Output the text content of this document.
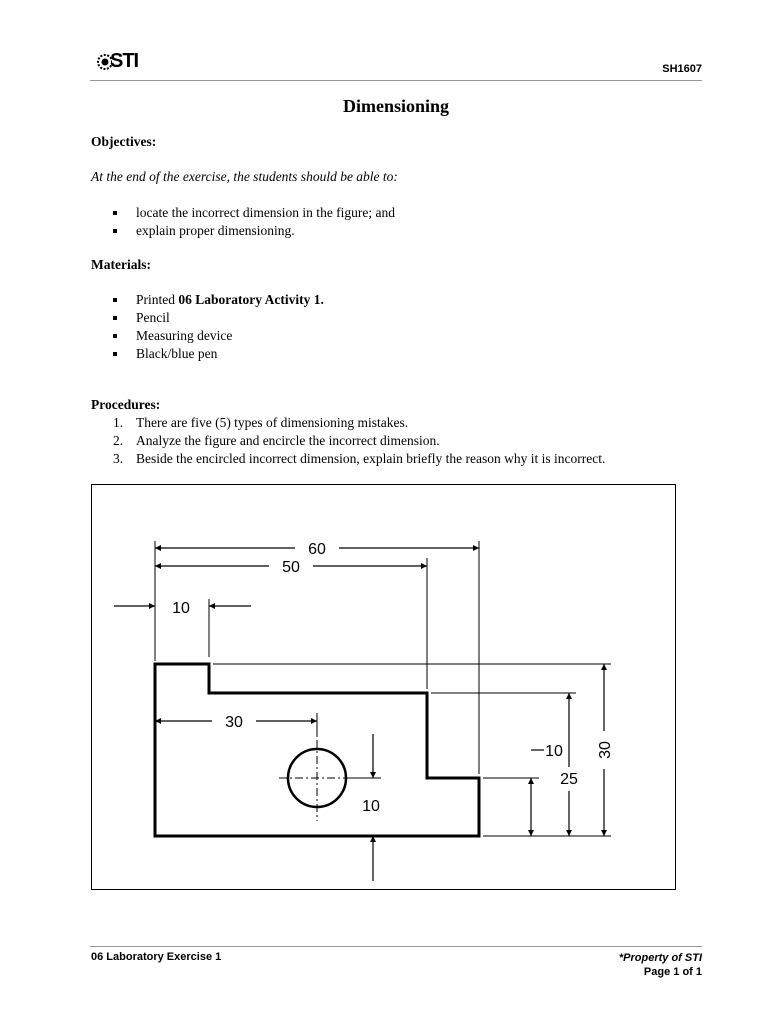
STI	SH1607
Dimensioning
Objectives:
At the end of the exercise, the students should be able to:
locate the incorrect dimension in the figure; and
explain proper dimensioning.
Materials:
Printed 06 Laboratory Activity 1.
Pencil
Measuring device
Black/blue pen
Procedures:
1. There are five (5) types of dimensioning mistakes.
2. Analyze the figure and encircle the incorrect dimension.
3. Beside the encircled incorrect dimension, explain briefly the reason why it is incorrect.
60
50
10
30
10
10
25
30
06 Laboratory Exercise 1	*Property of STI
Page 1 of 1
